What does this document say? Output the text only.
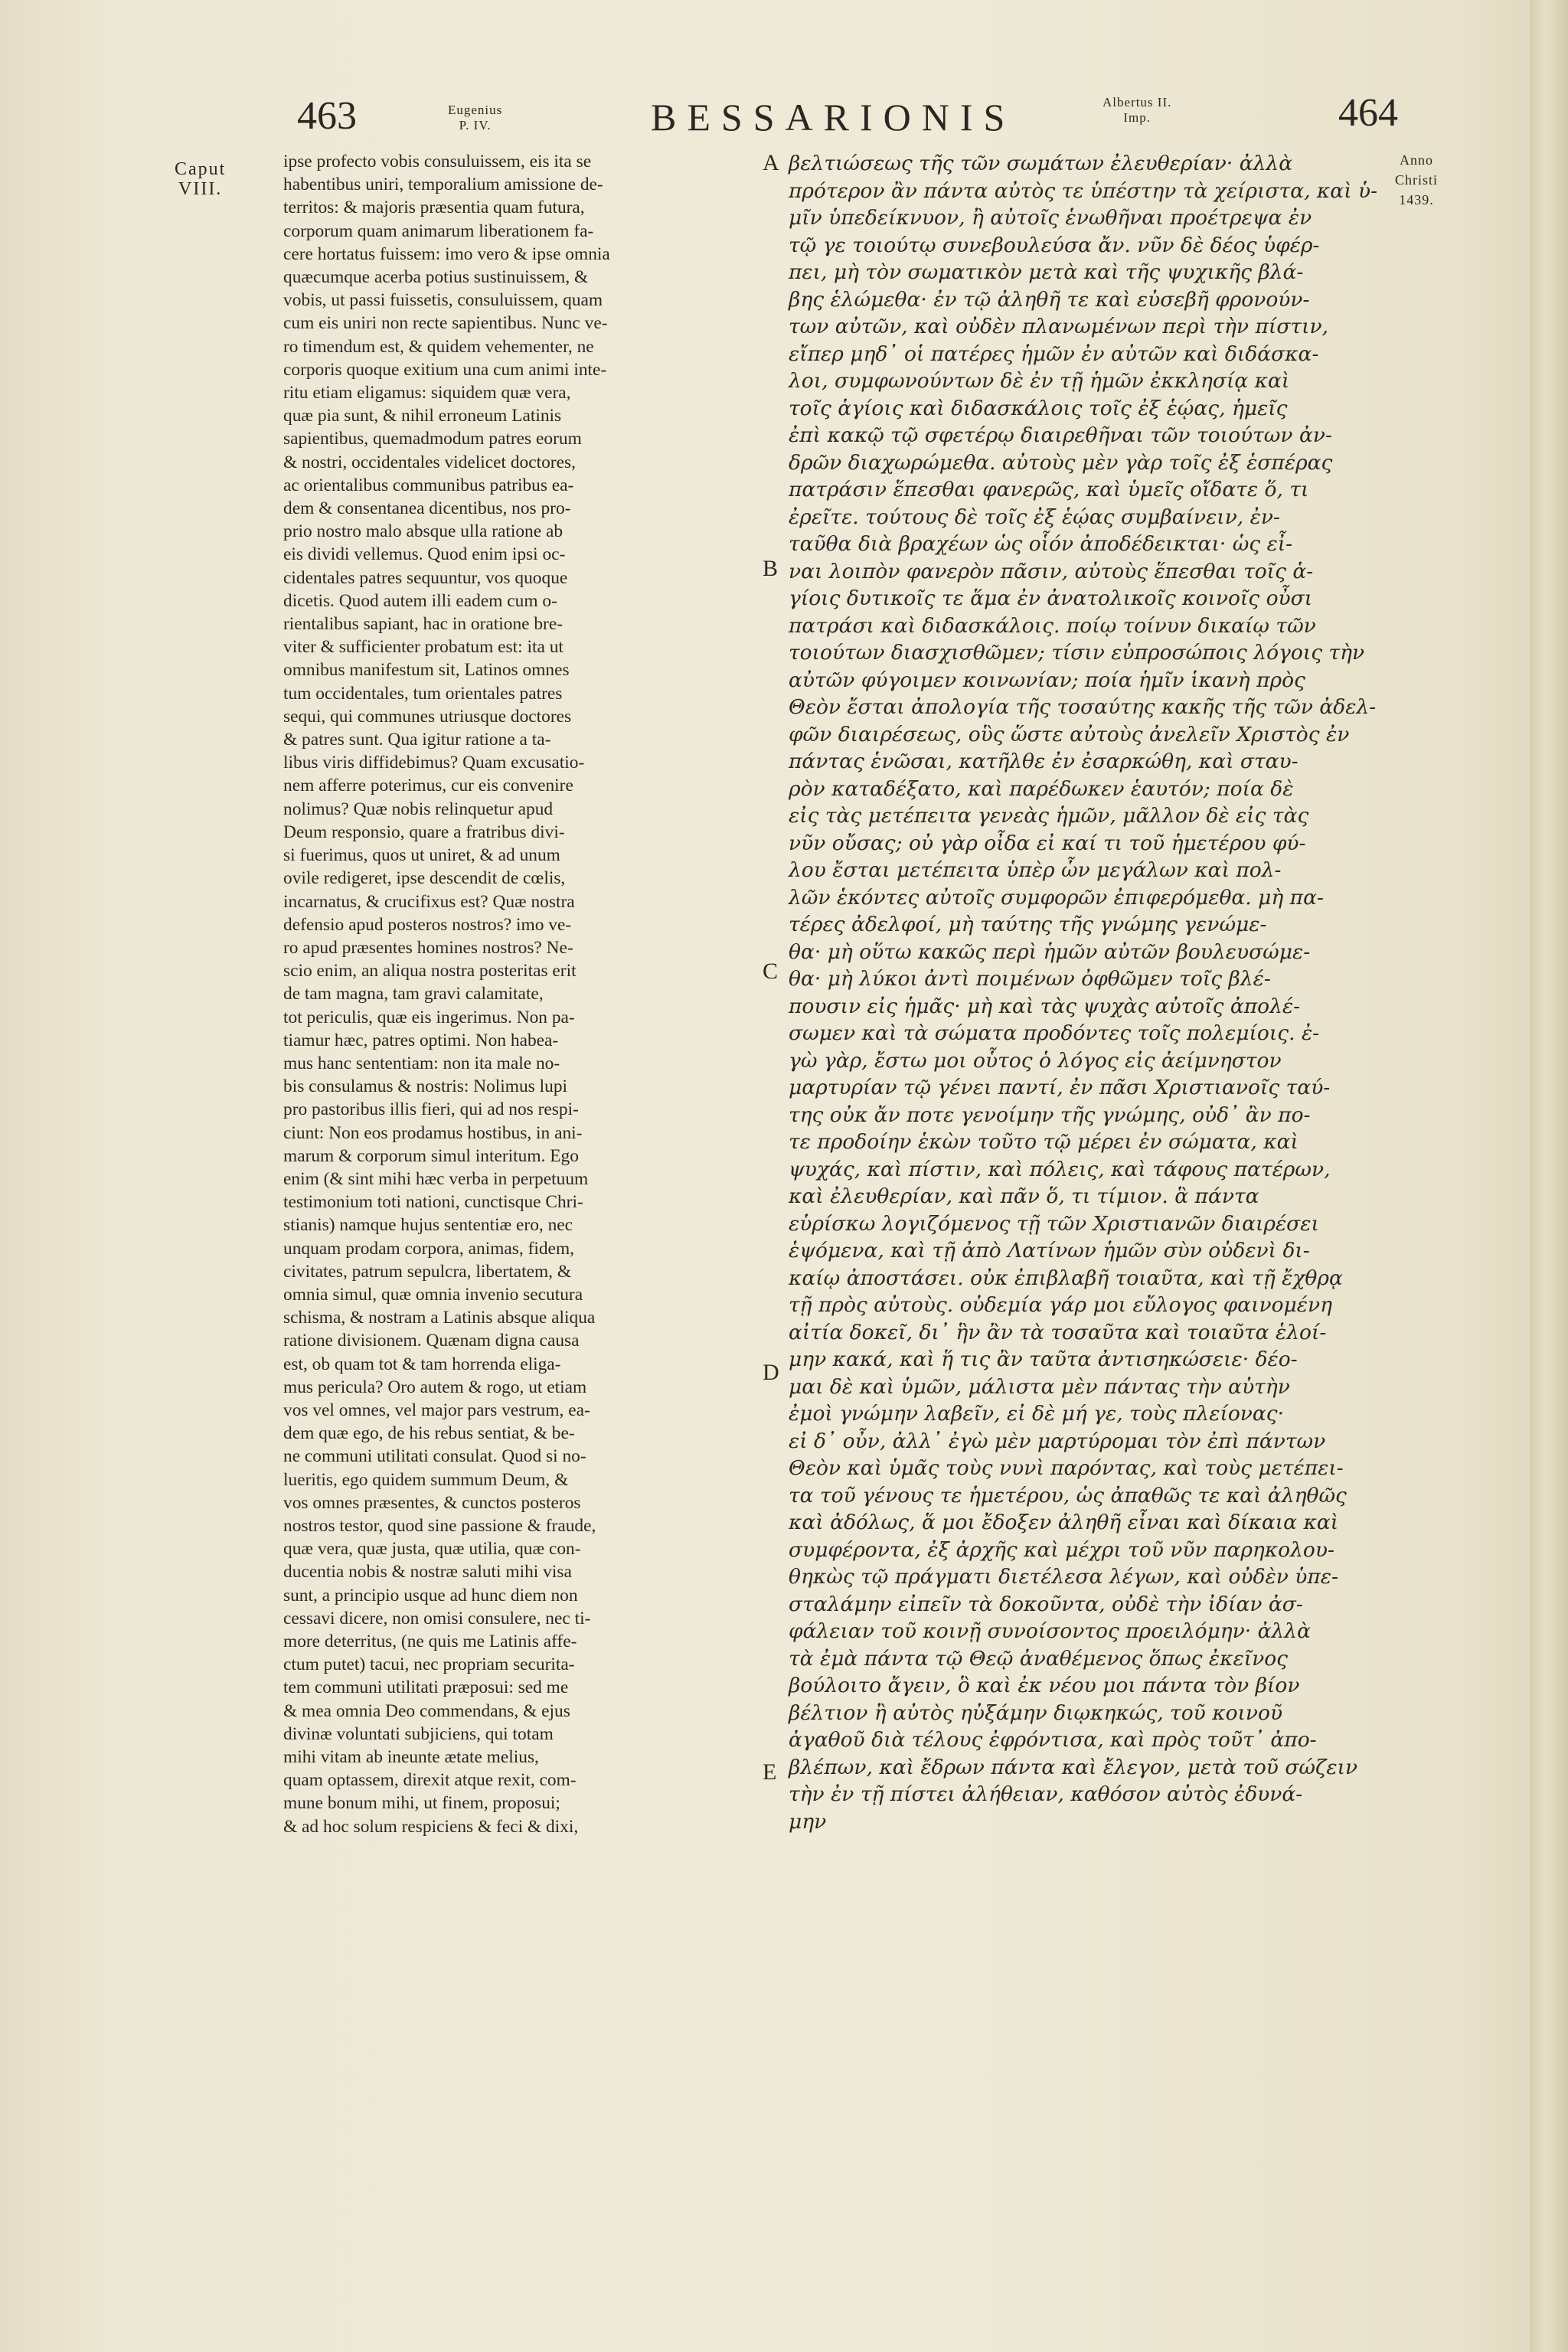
463	Eugenius
P. IV.	BESSARIONIS	Albertus II.
Imp.	464
Caput
VIII.
Anno
Christi
1439.
ipse profecto vobis consuluissem, eis ita se
habentibus uniri, temporalium amissione de-
territos: & majoris præsentia quam futura,
corporum quam animarum liberationem fa-
cere hortatus fuissem: imo vero & ipse omnia
quæcumque acerba potius sustinuissem, &
vobis, ut passi fuissetis, consuluissem, quam
cum eis uniri non recte sapientibus. Nunc ve-
ro timendum est, & quidem vehementer, ne
corporis quoque exitium una cum animi inte-
ritu etiam eligamus: siquidem quæ vera,
quæ pia sunt, & nihil erroneum Latinis
sapientibus, quemadmodum patres eorum
& nostri, occidentales videlicet doctores,
ac orientalibus communibus patribus ea-
dem & consentanea dicentibus, nos pro-
prio nostro malo absque ulla ratione ab
eis dividi vellemus. Quod enim ipsi oc-
cidentales patres sequuntur, vos quoque
dicetis. Quod autem illi eadem cum o-
rientalibus sapiant, hac in oratione bre-
viter & sufficienter probatum est: ita ut
omnibus manifestum sit, Latinos omnes
tum occidentales, tum orientales patres
sequi, qui communes utriusque doctores
& patres sunt. Qua igitur ratione a ta-
libus viris diffidebimus? Quam excusatio-
nem afferre poterimus, cur eis convenire
nolimus? Quæ nobis relinquetur apud
Deum responsio, quare a fratribus divi-
si fuerimus, quos ut uniret, & ad unum
ovile redigeret, ipse descendit de cœlis,
incarnatus, & crucifixus est? Quæ nostra
defensio apud posteros nostros? imo ve-
ro apud præsentes homines nostros? Ne-
scio enim, an aliqua nostra posteritas erit
de tam magna, tam gravi calamitate,
tot periculis, quæ eis ingerimus. Non pa-
tiamur hæc, patres optimi. Non habea-
mus hanc sententiam: non ita male no-
bis consulamus & nostris: Nolimus lupi
pro pastoribus illis fieri, qui ad nos respi-
ciunt: Non eos prodamus hostibus, in ani-
marum & corporum simul interitum. Ego
enim (& sint mihi hæc verba in perpetuum
testimonium toti nationi, cunctisque Chri-
stianis) namque hujus sententiæ ero, nec
unquam prodam corpora, animas, fidem,
civitates, patrum sepulcra, libertatem, &
omnia simul, quæ omnia invenio secutura
schisma, & nostram a Latinis absque aliqua
ratione divisionem. Quænam digna causa
est, ob quam tot & tam horrenda eliga-
mus pericula? Oro autem & rogo, ut etiam
vos vel omnes, vel major pars vestrum, ea-
dem quæ ego, de his rebus sentiat, & be-
ne communi utilitati consulat. Quod si no-
lueritis, ego quidem summum Deum, &
vos omnes præsentes, & cunctos posteros
nostros testor, quod sine passione & fraude,
quæ vera, quæ justa, quæ utilia, quæ con-
ducentia nobis & nostræ saluti mihi visa
sunt, a principio usque ad hunc diem non
cessavi dicere, non omisi consulere, nec ti-
more deterritus, (ne quis me Latinis affe-
ctum putet) tacui, nec propriam securita-
tem communi utilitati præposui: sed me
& mea omnia Deo commendans, & ejus
divinæ voluntati subjiciens, qui totam
mihi vitam ab ineunte ætate melius,
quam optassem, direxit atque rexit, com-
mune bonum mihi, ut finem, proposui;
& ad hoc solum respiciens & feci & dixi,
βελτιώσεως τῆς τῶν σωμάτων ἐλευθερίαν· ἀλλὰ
πρότερον ἂν πάντα αὐτὸς τε ὑπέστην τὰ χείριστα, καὶ ὑ-
μῖν ὑπεδείκνυον, ἢ αὐτοῖς ἑνωθῆναι προέτρεψα ἐν
τῷ γε τοιούτῳ συνεβουλεύσα ἄν. νῦν δὲ δέος ὑφέρ-
πει, μὴ τὸν σωματικὸν μετὰ καὶ τῆς ψυχικῆς βλά-
βης ἑλώμεθα· ἐν τῷ ἀληθῆ τε καὶ εὐσεβῆ φρονούν-
των αὐτῶν, καὶ οὐδὲν πλανωμένων περὶ τὴν πίστιν,
εἴπερ μηδ᾽ οἱ πατέρες ἡμῶν ἐν αὐτῶν καὶ διδάσκα-
λοι, συμφωνούντων δὲ ἐν τῇ ἡμῶν ἐκκλησίᾳ καὶ
τοῖς ἁγίοις καὶ διδασκάλοις τοῖς ἐξ ἑῴας, ἡμεῖς
ἐπὶ κακῷ τῷ σφετέρῳ διαιρεθῆναι τῶν τοιούτων ἀν-
δρῶν διαχωρώμεθα. αὐτοὺς μὲν γὰρ τοῖς ἐξ ἑσπέρας
πατράσιν ἕπεσθαι φανερῶς, καὶ ὑμεῖς οἴδατε ὅ, τι
ἐρεῖτε. τούτους δὲ τοῖς ἐξ ἑῴας συμβαίνειν, ἐν-
ταῦθα διὰ βραχέων ὡς οἷόν ἀποδέδεικται· ὡς εἶ-
ναι λοιπὸν φανερὸν πᾶσιν, αὐτοὺς ἕπεσθαι τοῖς ἁ-
γίοις δυτικοῖς τε ἅμα ἐν ἀνατολικοῖς κοινοῖς οὖσι
πατράσι καὶ διδασκάλοις. ποίῳ τοίνυν δικαίῳ τῶν
τοιούτων διασχισθῶμεν; τίσιν εὐπροσώποις λόγοις τὴν
αὐτῶν φύγοιμεν κοινωνίαν; ποία ἡμῖν ἱκανὴ πρὸς
Θεὸν ἔσται ἀπολογία τῆς τοσαύτης κακῆς τῆς τῶν ἀδελ-
φῶν διαιρέσεως, οὓς ὥστε αὐτοὺς ἀνελεῖν Χριστὸς ἐν
πάντας ἑνῶσαι, κατῆλθε ἐν ἐσαρκώθη, καὶ σταυ-
ρὸν καταδέξατο, καὶ παρέδωκεν ἑαυτόν; ποία δὲ
εἰς τὰς μετέπειτα γενεὰς ἡμῶν, μᾶλλον δὲ εἰς τὰς
νῦν οὔσας; οὐ γὰρ οἶδα εἰ καί τι τοῦ ἡμετέρου φύ-
λου ἔσται μετέπειτα ὑπὲρ ὧν μεγάλων καὶ πολ-
λῶν ἑκόντες αὐτοῖς συμφορῶν ἐπιφερόμεθα. μὴ πα-
τέρες ἀδελφοί, μὴ ταύτης τῆς γνώμης γενώμε-
θα· μὴ οὕτω κακῶς περὶ ἡμῶν αὐτῶν βουλευσώμε-
θα· μὴ λύκοι ἀντὶ ποιμένων ὀφθῶμεν τοῖς βλέ-
πουσιν εἰς ἡμᾶς· μὴ καὶ τὰς ψυχὰς αὐτοῖς ἀπολέ-
σωμεν καὶ τὰ σώματα προδόντες τοῖς πολεμίοις. ἐ-
γὼ γὰρ, ἔστω μοι οὗτος ὁ λόγος εἰς ἀείμνηστον
μαρτυρίαν τῷ γένει παντί, ἐν πᾶσι Χριστιανοῖς ταύ-
της οὐκ ἄν ποτε γενοίμην τῆς γνώμης, οὐδ᾽ ἂν πο-
τε προδοίην ἑκὼν τοῦτο τῷ μέρει ἐν σώματα, καὶ
ψυχάς, καὶ πίστιν, καὶ πόλεις, καὶ τάφους πατέρων,
καὶ ἐλευθερίαν, καὶ πᾶν ὅ, τι τίμιον. ἃ πάντα
εὑρίσκω λογιζόμενος τῇ τῶν Χριστιανῶν διαιρέσει
ἑψόμενα, καὶ τῇ ἀπὸ Λατίνων ἡμῶν σὺν οὐδενὶ δι-
καίῳ ἀποστάσει. οὐκ ἐπιβλαβῆ τοιαῦτα, καὶ τῇ ἔχθρᾳ
τῇ πρὸς αὐτοὺς. οὐδεμία γάρ μοι εὔλογος φαινομένη
αἰτία δοκεῖ, δι᾽ ἣν ἂν τὰ τοσαῦτα καὶ τοιαῦτα ἑλοί-
μην κακά, καὶ ἥ τις ἂν ταῦτα ἀντισηκώσειε· δέο-
μαι δὲ καὶ ὑμῶν, μάλιστα μὲν πάντας τὴν αὐτὴν
ἐμοὶ γνώμην λαβεῖν, εἰ δὲ μή γε, τοὺς πλείονας·
εἰ δ᾽ οὖν, ἀλλ᾽ ἐγὼ μὲν μαρτύρομαι τὸν ἐπὶ πάντων
Θεὸν καὶ ὑμᾶς τοὺς νυνὶ παρόντας, καὶ τοὺς μετέπει-
τα τοῦ γένους τε ἡμετέρου, ὡς ἀπαθῶς τε καὶ ἀληθῶς
καὶ ἀδόλως, ἅ μοι ἔδοξεν ἀληθῆ εἶναι καὶ δίκαια καὶ
συμφέροντα, ἐξ ἀρχῆς καὶ μέχρι τοῦ νῦν παρηκολου-
θηκὼς τῷ πράγματι διετέλεσα λέγων, καὶ οὐδὲν ὑπε-
σταλάμην εἰπεῖν τὰ δοκοῦντα, οὐδὲ τὴν ἰδίαν ἀσ-
φάλειαν τοῦ κοινῇ συνοίσοντος προειλόμην· ἀλλὰ
τὰ ἐμὰ πάντα τῷ Θεῷ ἀναθέμενος ὅπως ἐκεῖνος
βούλοιτο ἄγειν, ὃ καὶ ἐκ νέου μοι πάντα τὸν βίον
βέλτιον ἢ αὐτὸς ηὐξάμην διῳκηκώς, τοῦ κοινοῦ
ἀγαθοῦ διὰ τέλους ἐφρόντισα, καὶ πρὸς τοῦτ᾽ ἀπο-
βλέπων, καὶ ἔδρων πάντα καὶ ἔλεγον, μετὰ τοῦ σώζειν
τὴν ἐν τῇ πίστει ἀλήθειαν, καθόσον αὐτὸς ἐδυνά-
μην
A
B
C
D
E
